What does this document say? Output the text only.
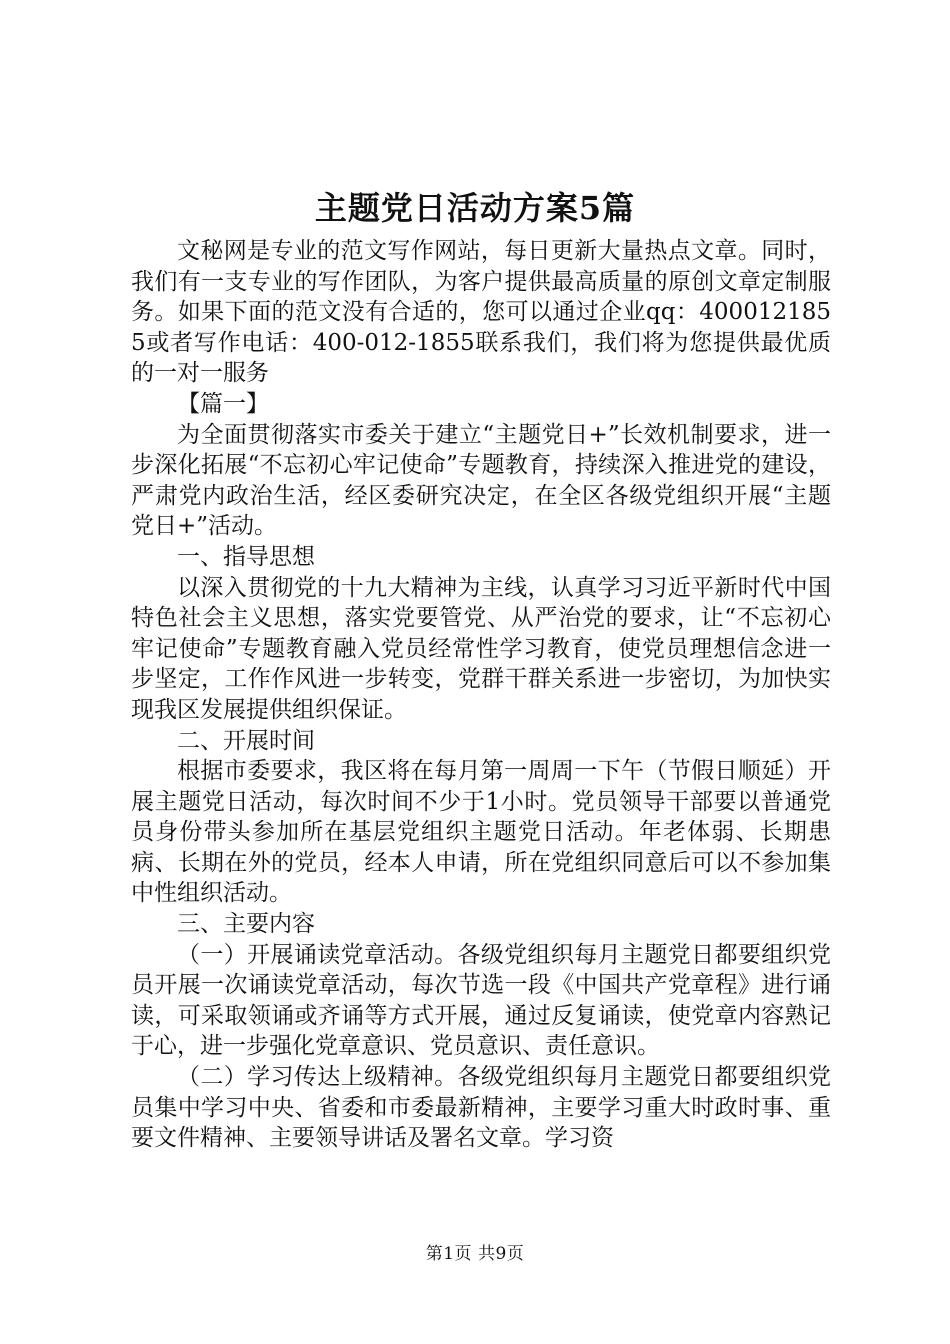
主题党日活动方案5篇

文秘网是专业的范文写作网站，每日更新大量热点文章。同时，我们有一支专业的写作团队，为客户提供最高质量的原创文章定制服务。如果下面的范文没有合适的，您可以通过企业qq：4000121855或者写作电话：400-012-1855联系我们，我们将为您提供最优质的一对一服务

【篇一】

为全面贯彻落实市委关于建立“主题党日+”长效机制要求，进一步深化拓展“不忘初心牢记使命”专题教育，持续深入推进党的建设，严肃党内政治生活，经区委研究决定，在全区各级党组织开展“主题党日+”活动。

一、指导思想

以深入贯彻党的十九大精神为主线，认真学习习近平新时代中国特色社会主义思想，落实党要管党、从严治党的要求，让“不忘初心牢记使命”专题教育融入党员经常性学习教育，使党员理想信念进一步坚定，工作作风进一步转变，党群干群关系进一步密切，为加快实现我区发展提供组织保证。

二、开展时间

根据市委要求，我区将在每月第一周周一下午（节假日顺延）开展主题党日活动，每次时间不少于1小时。党员领导干部要以普通党员身份带头参加所在基层党组织主题党日活动。年老体弱、长期患病、长期在外的党员，经本人申请，所在党组织同意后可以不参加集中性组织活动。

三、主要内容

（一）开展诵读党章活动。各级党组织每月主题党日都要组织党员开展一次诵读党章活动，每次节选一段《中国共产党章程》进行诵读，可采取领诵或齐诵等方式开展，通过反复诵读，使党章内容熟记于心，进一步强化党章意识、党员意识、责任意识。

（二）学习传达上级精神。各级党组织每月主题党日都要组织党员集中学习中央、省委和市委最新精神，主要学习重大时政时事、重要文件精神、主要领导讲话及署名文章。学习资

第1页 共9页
